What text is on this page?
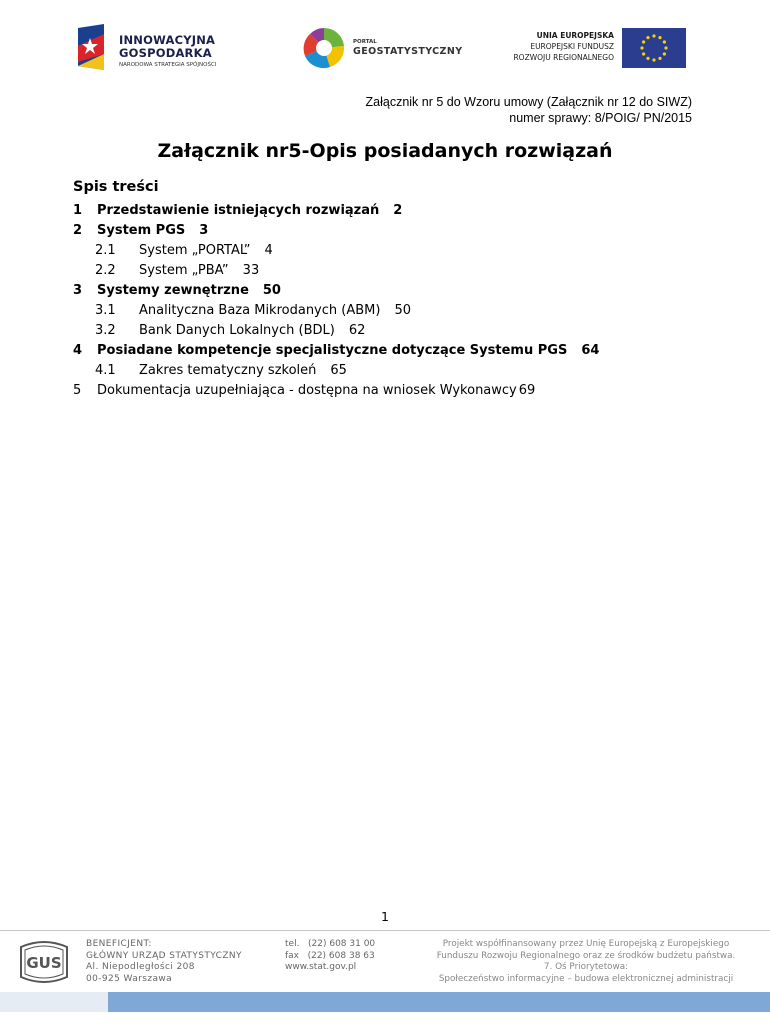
INNOWACYJNA
GOSPODARKA
NARODOWA STRATEGIA SPÓJNOŚCI
PORTAL
GEOSTATYSTYCZNY
UNIA EUROPEJSKA
EUROPEJSKI FUNDUSZ
ROZWOJU REGIONALNEGO
Załącznik nr 5 do Wzoru umowy (Załącznik nr 12 do SIWZ)
numer sprawy: 8/POIG/ PN/2015
Załącznik nr5-Opis posiadanych rozwiązań
Spis treści
1 Przedstawienie istniejących rozwiązań 2
2 System PGS 3
2.1 System „PORTAL” 4
2.2 System „PBA” 33
3 Systemy zewnętrzne 50
3.1 Analityczna Baza Mikrodanych (ABM) 50
3.2 Bank Danych Lokalnych (BDL) 62
4 Posiadane kompetencje specjalistyczne dotyczące Systemu PGS 64
4.1 Zakres tematyczny szkoleń 65
5 Dokumentacja uzupełniająca - dostępna na wniosek Wykonawcy 69
1
GUS
BENEFICJENT:
GŁÓWNY URZĄD STATYSTYCZNY
Al. Niepodległości 208
00-925 Warszawa
tel.   (22) 608 31 00
fax   (22) 608 38 63
www.stat.gov.pl
Projekt współfinansowany przez Unię Europejską z Europejskiego
Funduszu Rozwoju Regionalnego oraz ze środków budżetu państwa.
7. Oś Priorytetowa:
Społeczeństwo informacyjne – budowa elektronicznej administracji
